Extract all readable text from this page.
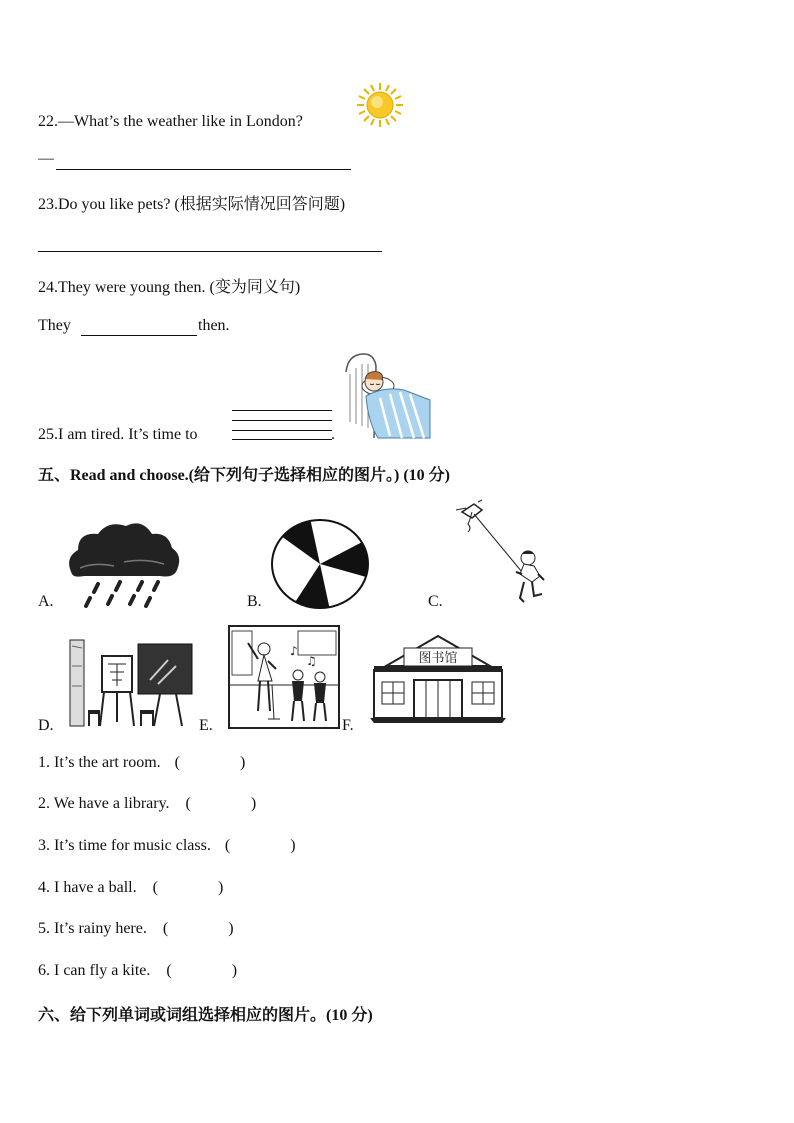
22.—What’s the weather like in London?
—
23.Do you like pets? (根据实际情况回答问题)
24.They were young then. (变为同义句)
They	then.
25.I am tired. It’s time to	.
五、Read and choose.(给下列句子选择相应的图片。) (10 分)
A.	B.	C.
D.	E.
♪
♫
F.
图书馆
1. It’s the art room. (	)
2. We have a library. (	)
3. It’s time for music class. (	)
4. I have a ball. (	)
5. It’s rainy here. (	)
6. I can fly a kite. (	)
六、给下列单词或词组选择相应的图片。(10 分)
